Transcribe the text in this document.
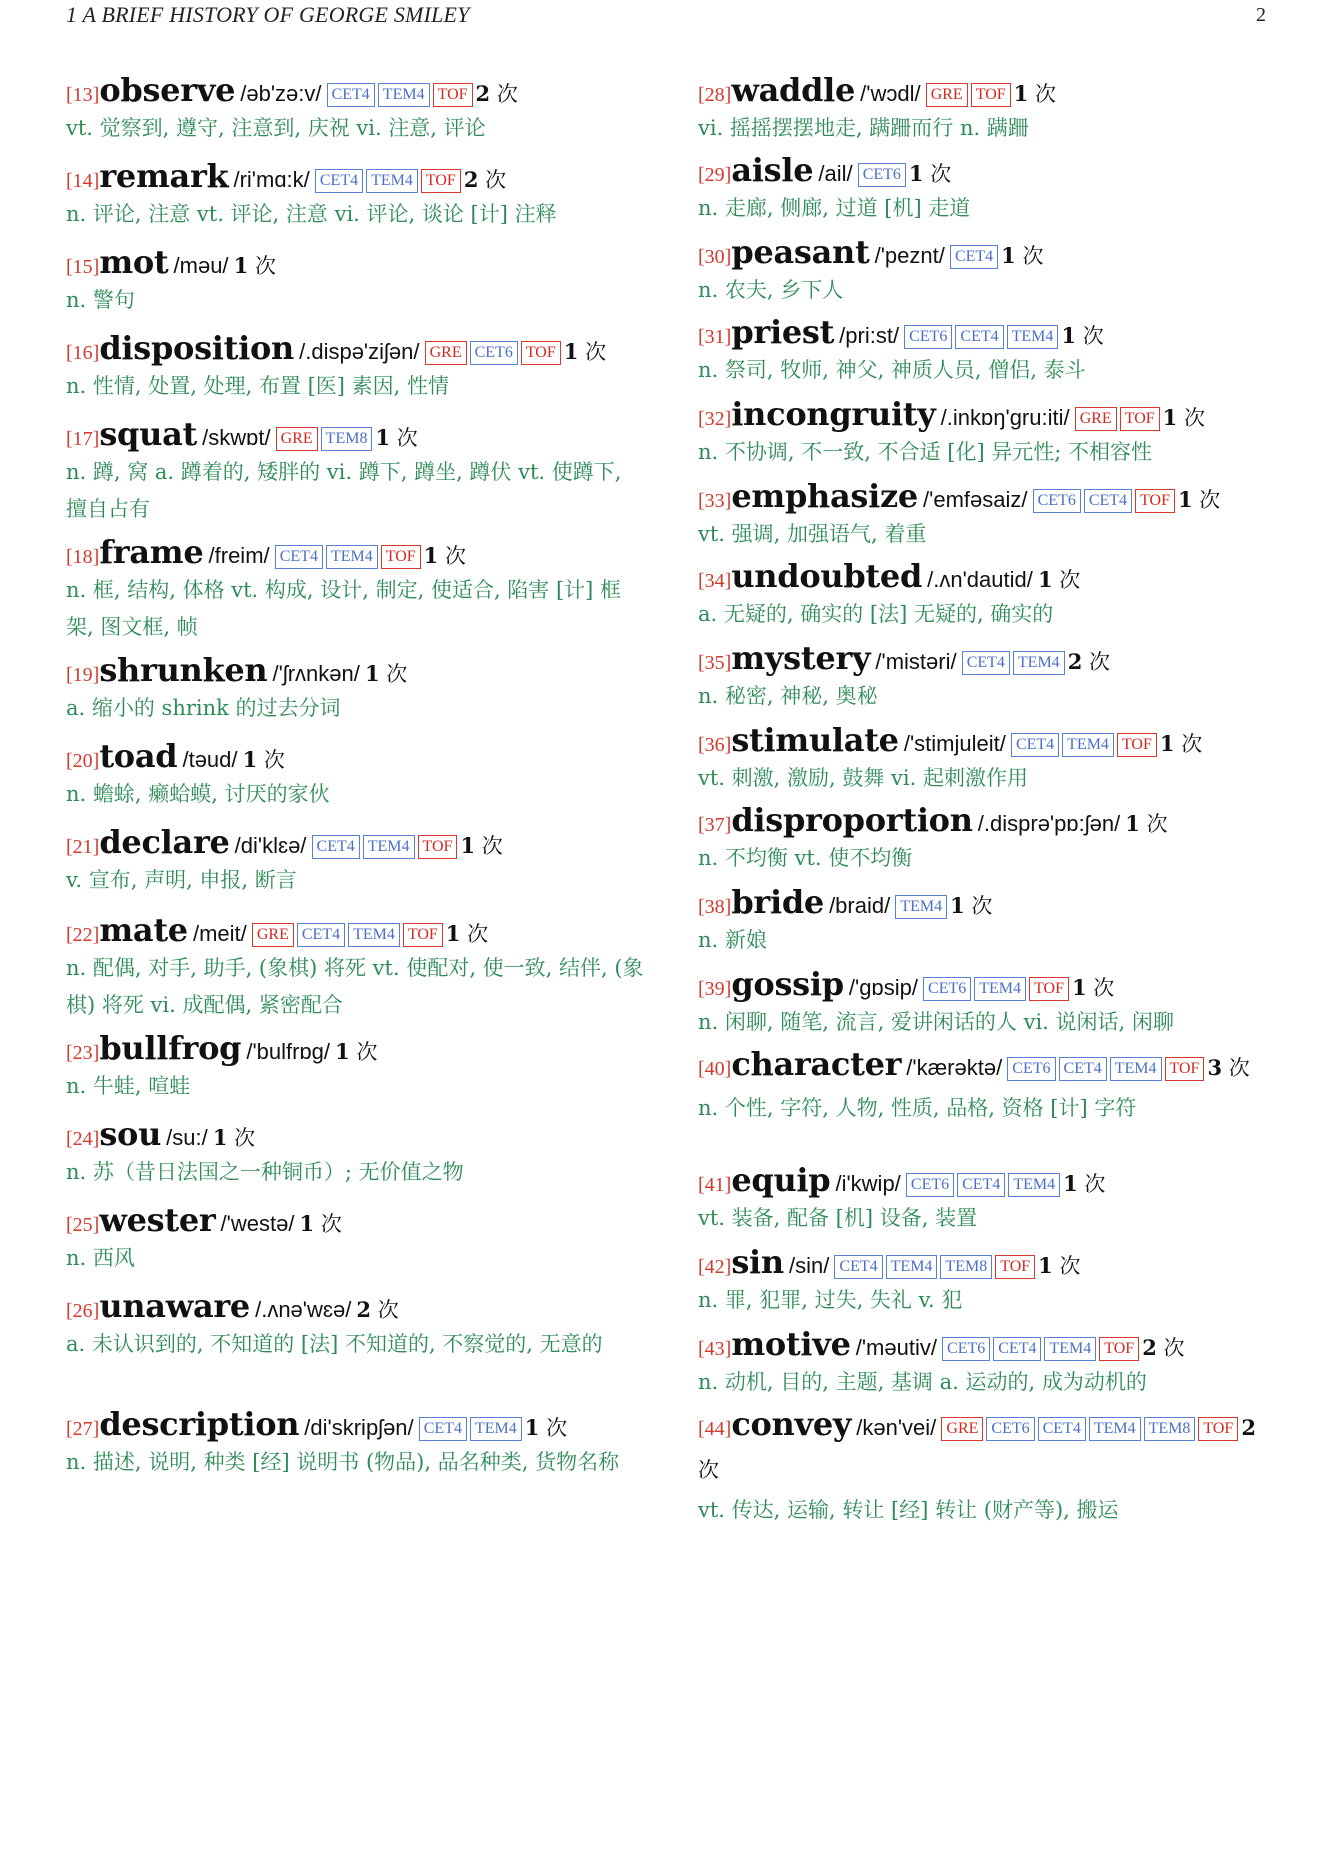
1 A BRIEF HISTORY OF GEORGE SMILEY	2
[13]observe /əb'zə:v/ CET4 TEM4 TOF 2 次
vt. 觉察到, 遵守, 注意到, 庆祝 vi. 注意, 评论
[14]remark /ri'mɑ:k/ CET4 TEM4 TOF 2 次
n. 评论, 注意 vt. 评论, 注意 vi. 评论, 谈论 [计] 注释
[15]mot /məu/ 1 次
n. 警句
[16]disposition /.dispə'ziʃən/ GRE CET6 TOF 1 次
n. 性情, 处置, 处理, 布置 [医] 素因, 性情
[17]squat /skwɒt/ GRE TEM8 1 次
n. 蹲, 窝 a. 蹲着的, 矮胖的 vi. 蹲下, 蹲坐, 蹲伏 vt. 使蹲下, 擅自占有
[18]frame /freim/ CET4 TEM4 TOF 1 次
n. 框, 结构, 体格 vt. 构成, 设计, 制定, 使适合, 陷害 [计] 框架, 图文框, 帧
[19]shrunken /'ʃrʌnkən/ 1 次
a. 缩小的 shrink 的过去分词
[20]toad /təud/ 1 次
n. 蟾蜍, 癞蛤蟆, 讨厌的家伙
[21]declare /di'klɛə/ CET4 TEM4 TOF 1 次
v. 宣布, 声明, 申报, 断言
[22]mate /meit/ GRE CET4 TEM4 TOF 1 次
n. 配偶, 对手, 助手, (象棋) 将死 vt. 使配对, 使一致, 结伴, (象棋) 将死 vi. 成配偶, 紧密配合
[23]bullfrog /'bulfrɒg/ 1 次
n. 牛蛙, 喧蛙
[24]sou /su:/ 1 次
n. 苏（昔日法国之一种铜币）; 无价值之物
[25]wester /'westə/ 1 次
n. 西风
[26]unaware /.ʌnə'wɛə/ 2 次
a. 未认识到的, 不知道的 [法] 不知道的, 不察觉的, 无意的
[27]description /di'skripʃən/ CET4 TEM4 1 次
n. 描述, 说明, 种类 [经] 说明书 (物品), 品名种类, 货物名称
[28]waddle /'wɔdl/ GRE TOF 1 次
vi. 摇摇摆摆地走, 蹒跚而行 n. 蹒跚
[29]aisle /ail/ CET6 1 次
n. 走廊, 侧廊, 过道 [机] 走道
[30]peasant /'peznt/ CET4 1 次
n. 农夫, 乡下人
[31]priest /pri:st/ CET6 CET4 TEM4 1 次
n. 祭司, 牧师, 神父, 神质人员, 僧侣, 泰斗
[32]incongruity /.inkɒŋ'gru:iti/ GRE TOF 1 次
n. 不协调, 不一致, 不合适 [化] 异元性; 不相容性
[33]emphasize /'emfəsaiz/ CET6 CET4 TOF 1 次
vt. 强调, 加强语气, 着重
[34]undoubted /.ʌn'dautid/ 1 次
a. 无疑的, 确实的 [法] 无疑的, 确实的
[35]mystery /'mistəri/ CET4 TEM4 2 次
n. 秘密, 神秘, 奥秘
[36]stimulate /'stimjuleit/ CET4 TEM4 TOF 1 次
vt. 刺激, 激励, 鼓舞 vi. 起刺激作用
[37]disproportion /.disprə'pɒ:ʃən/ 1 次
n. 不均衡 vt. 使不均衡
[38]bride /braid/ TEM4 1 次
n. 新娘
[39]gossip /'gɒsip/ CET6 TEM4 TOF 1 次
n. 闲聊, 随笔, 流言, 爱讲闲话的人 vi. 说闲话, 闲聊
[40]character /'kærəktə/ CET6 CET4 TEM4 TOF 3 次
n. 个性, 字符, 人物, 性质, 品格, 资格 [计] 字符
[41]equip /i'kwip/ CET6 CET4 TEM4 1 次
vt. 装备, 配备 [机] 设备, 装置
[42]sin /sin/ CET4 TEM4 TEM8 TOF 1 次
n. 罪, 犯罪, 过失, 失礼 v. 犯
[43]motive /'məutiv/ CET6 CET4 TEM4 TOF 2 次
n. 动机, 目的, 主题, 基调 a. 运动的, 成为动机的
[44]convey /kən'vei/ GRE CET6 CET4 TEM4 TEM8 TOF 2 次
vt. 传达, 运输, 转让 [经] 转让 (财产等), 搬运
